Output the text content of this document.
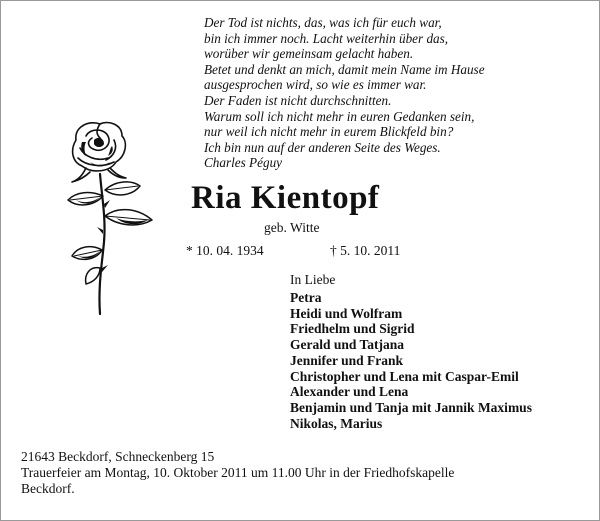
Der Tod ist nichts, das, was ich für euch war,
bin ich immer noch. Lacht weiterhin über das,
worüber wir gemeinsam gelacht haben.
Betet und denkt an mich, damit mein Name im Hause
ausgesprochen wird, so wie es immer war.
Der Faden ist nicht durchschnitten.
Warum soll ich nicht mehr in euren Gedanken sein,
nur weil ich nicht mehr in eurem Blickfeld bin?
Ich bin nun auf der anderen Seite des Weges.
Charles Péguy
Ria Kientopf
geb. Witte
* 10. 04. 1934	† 5. 10. 2011
In Liebe
Petra
Heidi und Wolfram
Friedhelm und Sigrid
Gerald und Tatjana
Jennifer und Frank
Christopher und Lena mit Caspar-Emil
Alexander und Lena
Benjamin und Tanja mit Jannik Maximus
Nikolas, Marius
21643 Beckdorf, Schneckenberg 15
Trauerfeier am Montag, 10. Oktober 2011 um 11.00 Uhr in der Friedhofskapelle
Beckdorf.
